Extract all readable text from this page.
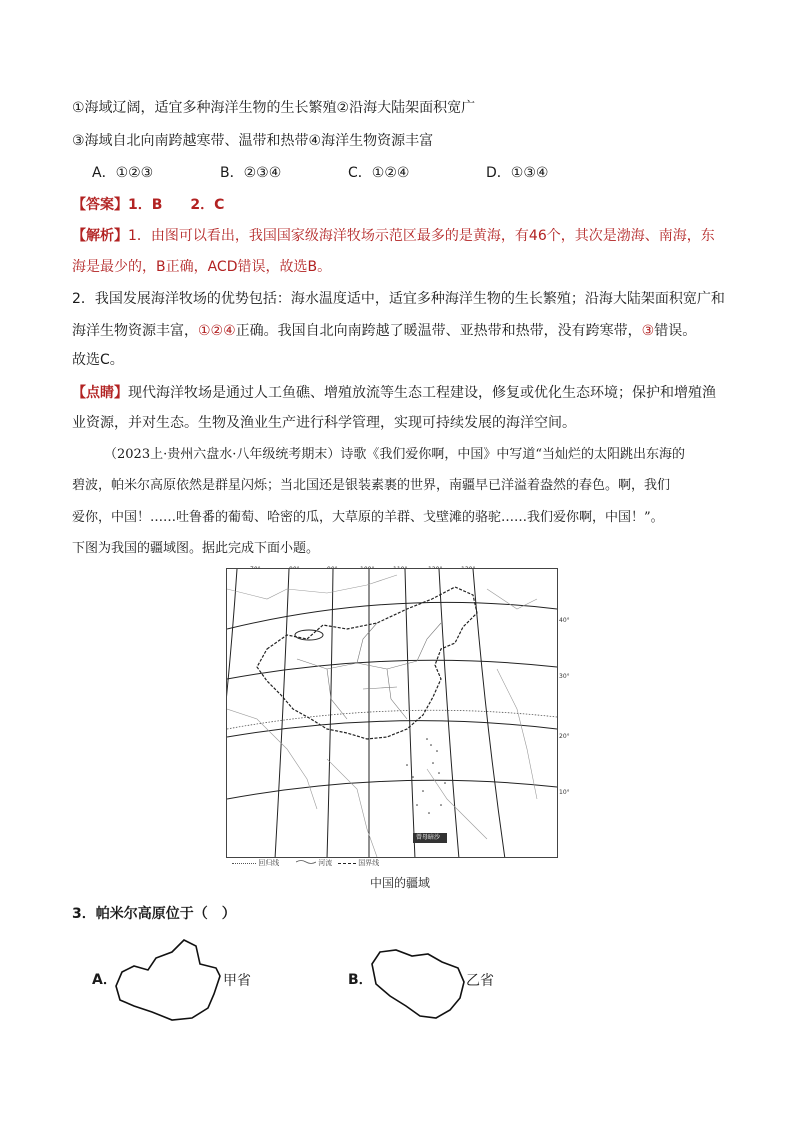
①海域辽阔，适宜多种海洋生物的生长繁殖②沿海大陆架面积宽广
③海域自北向南跨越寒带、温带和热带④海洋生物资源丰富
A．①②③	B．②③④	C．①②④	D．①③④
【答案】1．B　　2．C
【解析】1．由图可以看出，我国国家级海洋牧场示范区最多的是黄海，有46个，其次是渤海、南海，东
海是最少的，B正确，ACD错误，故选B。
2．我国发展海洋牧场的优势包括：海水温度适中，适宜多种海洋生物的生长繁殖；沿海大陆架面积宽广和
海洋生物资源丰富，①②④正确。我国自北向南跨越了暖温带、亚热带和热带，没有跨寒带，③错误。
故选C。
【点睛】现代海洋牧场是通过人工鱼礁、增殖放流等生态工程建设，修复或优化生态环境；保护和增殖渔
业资源，并对生态。生物及渔业生产进行科学管理，实现可持续发展的海洋空间。
（2023上·贵州六盘水·八年级统考期末）诗歌《我们爱你啊，中国》中写道“当灿烂的太阳跳出东海的
碧波，帕米尔高原依然是群星闪烁；当北国还是银装素裹的世界，南疆早已洋溢着盎然的春色。啊，我们
爱你，中国！……吐鲁番的葡萄、哈密的瓜，大草原的羊群、戈壁滩的骆驼……我们爱你啊，中国！”。
下图为我国的疆域图。据此完成下面小题。
曾母暗沙
40°
30°
20°
10°
回归线	河流	国界线
中国的疆域
3．帕米尔高原位于（　）
A．	甲省	B．	乙省
